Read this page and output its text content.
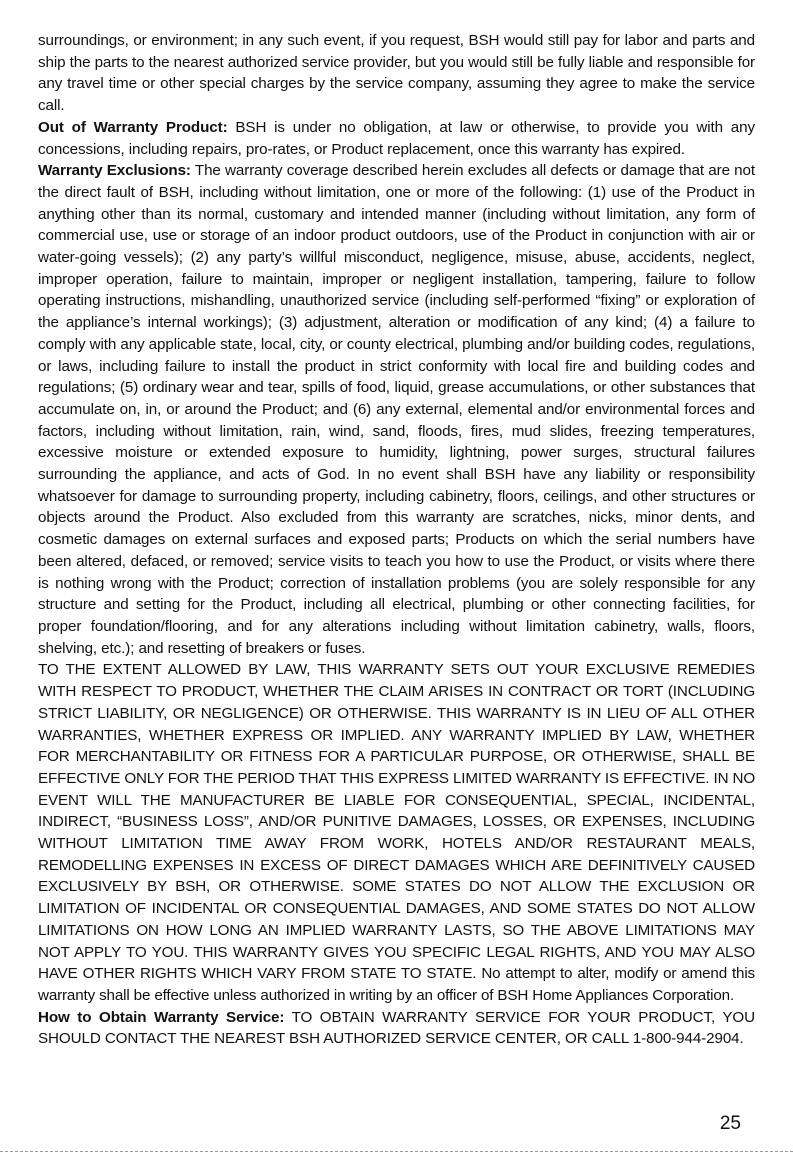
surroundings, or environment; in any such event, if you request, BSH would still pay for labor and parts and ship the parts to the nearest authorized service provider, but you would still be fully liable and responsible for any travel time or other special charges by the service company, assuming they agree to make the service call.

Out of Warranty Product: BSH is under no obligation, at law or otherwise, to provide you with any concessions, including repairs, pro-rates, or Product replacement, once this warranty has expired.

Warranty Exclusions: The warranty coverage described herein excludes all defects or damage that are not the direct fault of BSH, including without limitation, one or more of the following: (1) use of the Product in anything other than its normal, customary and intended manner (including without limitation, any form of commercial use, use or storage of an indoor product outdoors, use of the Product in conjunction with air or water-going vessels); (2) any party’s willful misconduct, negligence, misuse, abuse, accidents, neglect, improper operation, failure to maintain, improper or negligent installation, tampering, failure to follow operating instructions, mishandling, unauthorized service (including self-performed “fixing” or exploration of the appliance’s internal workings); (3) adjustment, alteration or modification of any kind; (4) a failure to comply with any applicable state, local, city, or county electrical, plumbing and/or building codes, regulations, or laws, including failure to install the product in strict conformity with local fire and building codes and regulations; (5) ordinary wear and tear, spills of food, liquid, grease accumulations, or other substances that accumulate on, in, or around the Product; and (6) any external, elemental and/or environmental forces and factors, including without limitation, rain, wind, sand, floods, fires, mud slides, freezing temperatures, excessive moisture or extended exposure to humidity, lightning, power surges, structural failures surrounding the appliance, and acts of God. In no event shall BSH have any liability or responsibility whatsoever for damage to surrounding property, including cabinetry, floors, ceilings, and other structures or objects around the Product. Also excluded from this warranty are scratches, nicks, minor dents, and cosmetic damages on external surfaces and exposed parts; Products on which the serial numbers have been altered, defaced, or removed; service visits to teach you how to use the Product, or visits where there is nothing wrong with the Product; correction of installation problems (you are solely responsible for any structure and setting for the Product, including all electrical, plumbing or other connecting facilities, for proper foundation/flooring, and for any alterations including without limitation cabinetry, walls, floors, shelving, etc.); and resetting of breakers or fuses.

TO THE EXTENT ALLOWED BY LAW, THIS WARRANTY SETS OUT YOUR EXCLUSIVE REMEDIES WITH RESPECT TO PRODUCT, WHETHER THE CLAIM ARISES IN CONTRACT OR TORT (INCLUDING STRICT LIABILITY, OR NEGLIGENCE) OR OTHERWISE. THIS WARRANTY IS IN LIEU OF ALL OTHER WARRANTIES, WHETHER EXPRESS OR IMPLIED. ANY WARRANTY IMPLIED BY LAW, WHETHER FOR MERCHANTABILITY OR FITNESS FOR A PARTICULAR PURPOSE, OR OTHERWISE, SHALL BE EFFECTIVE ONLY FOR THE PERIOD THAT THIS EXPRESS LIMITED WARRANTY IS EFFECTIVE. IN NO EVENT WILL THE MANUFACTURER BE LIABLE FOR CONSEQUENTIAL, SPECIAL, INCIDENTAL, INDIRECT, “BUSINESS LOSS”, AND/OR PUNITIVE DAMAGES, LOSSES, OR EXPENSES, INCLUDING WITHOUT LIMITATION TIME AWAY FROM WORK, HOTELS AND/OR RESTAURANT MEALS, REMODELLING EXPENSES IN EXCESS OF DIRECT DAMAGES WHICH ARE DEFINITIVELY CAUSED EXCLUSIVELY BY BSH, OR OTHERWISE. SOME STATES DO NOT ALLOW THE EXCLUSION OR LIMITATION OF INCIDENTAL OR CONSEQUENTIAL DAMAGES, AND SOME STATES DO NOT ALLOW LIMITATIONS ON HOW LONG AN IMPLIED WARRANTY LASTS, SO THE ABOVE LIMITATIONS MAY NOT APPLY TO YOU. THIS WARRANTY GIVES YOU SPECIFIC LEGAL RIGHTS, AND YOU MAY ALSO HAVE OTHER RIGHTS WHICH VARY FROM STATE TO STATE. No attempt to alter, modify or amend this warranty shall be effective unless authorized in writing by an officer of BSH Home Appliances Corporation.

How to Obtain Warranty Service: TO OBTAIN WARRANTY SERVICE FOR YOUR PRODUCT, YOU SHOULD CONTACT THE NEAREST BSH AUTHORIZED SERVICE CENTER, OR CALL 1-800-944-2904.

25
